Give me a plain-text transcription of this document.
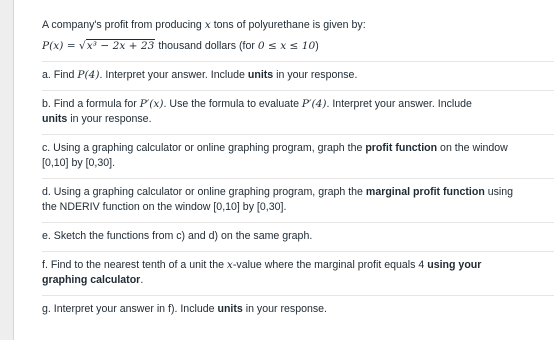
A company's profit from producing x tons of polyurethane is given by:
P(x) = √x³ − 2x + 23 thousand dollars (for 0 ≤ x ≤ 10)
a. Find P(4). Interpret your answer. Include units in your response.
b. Find a formula for P′(x). Use the formula to evaluate P′(4). Interpret your answer. Include
units in your response.
c. Using a graphing calculator or online graphing program, graph the profit function on the window
[0,10] by [0,30].
d. Using a graphing calculator or online graphing program, graph the marginal profit function using
the NDERIV function on the window [0,10] by [0,30].
e. Sketch the functions from c) and d) on the same graph.
f. Find to the nearest tenth of a unit the x-value where the marginal profit equals 4 using your
graphing calculator.
g. Interpret your answer in f). Include units in your response.
